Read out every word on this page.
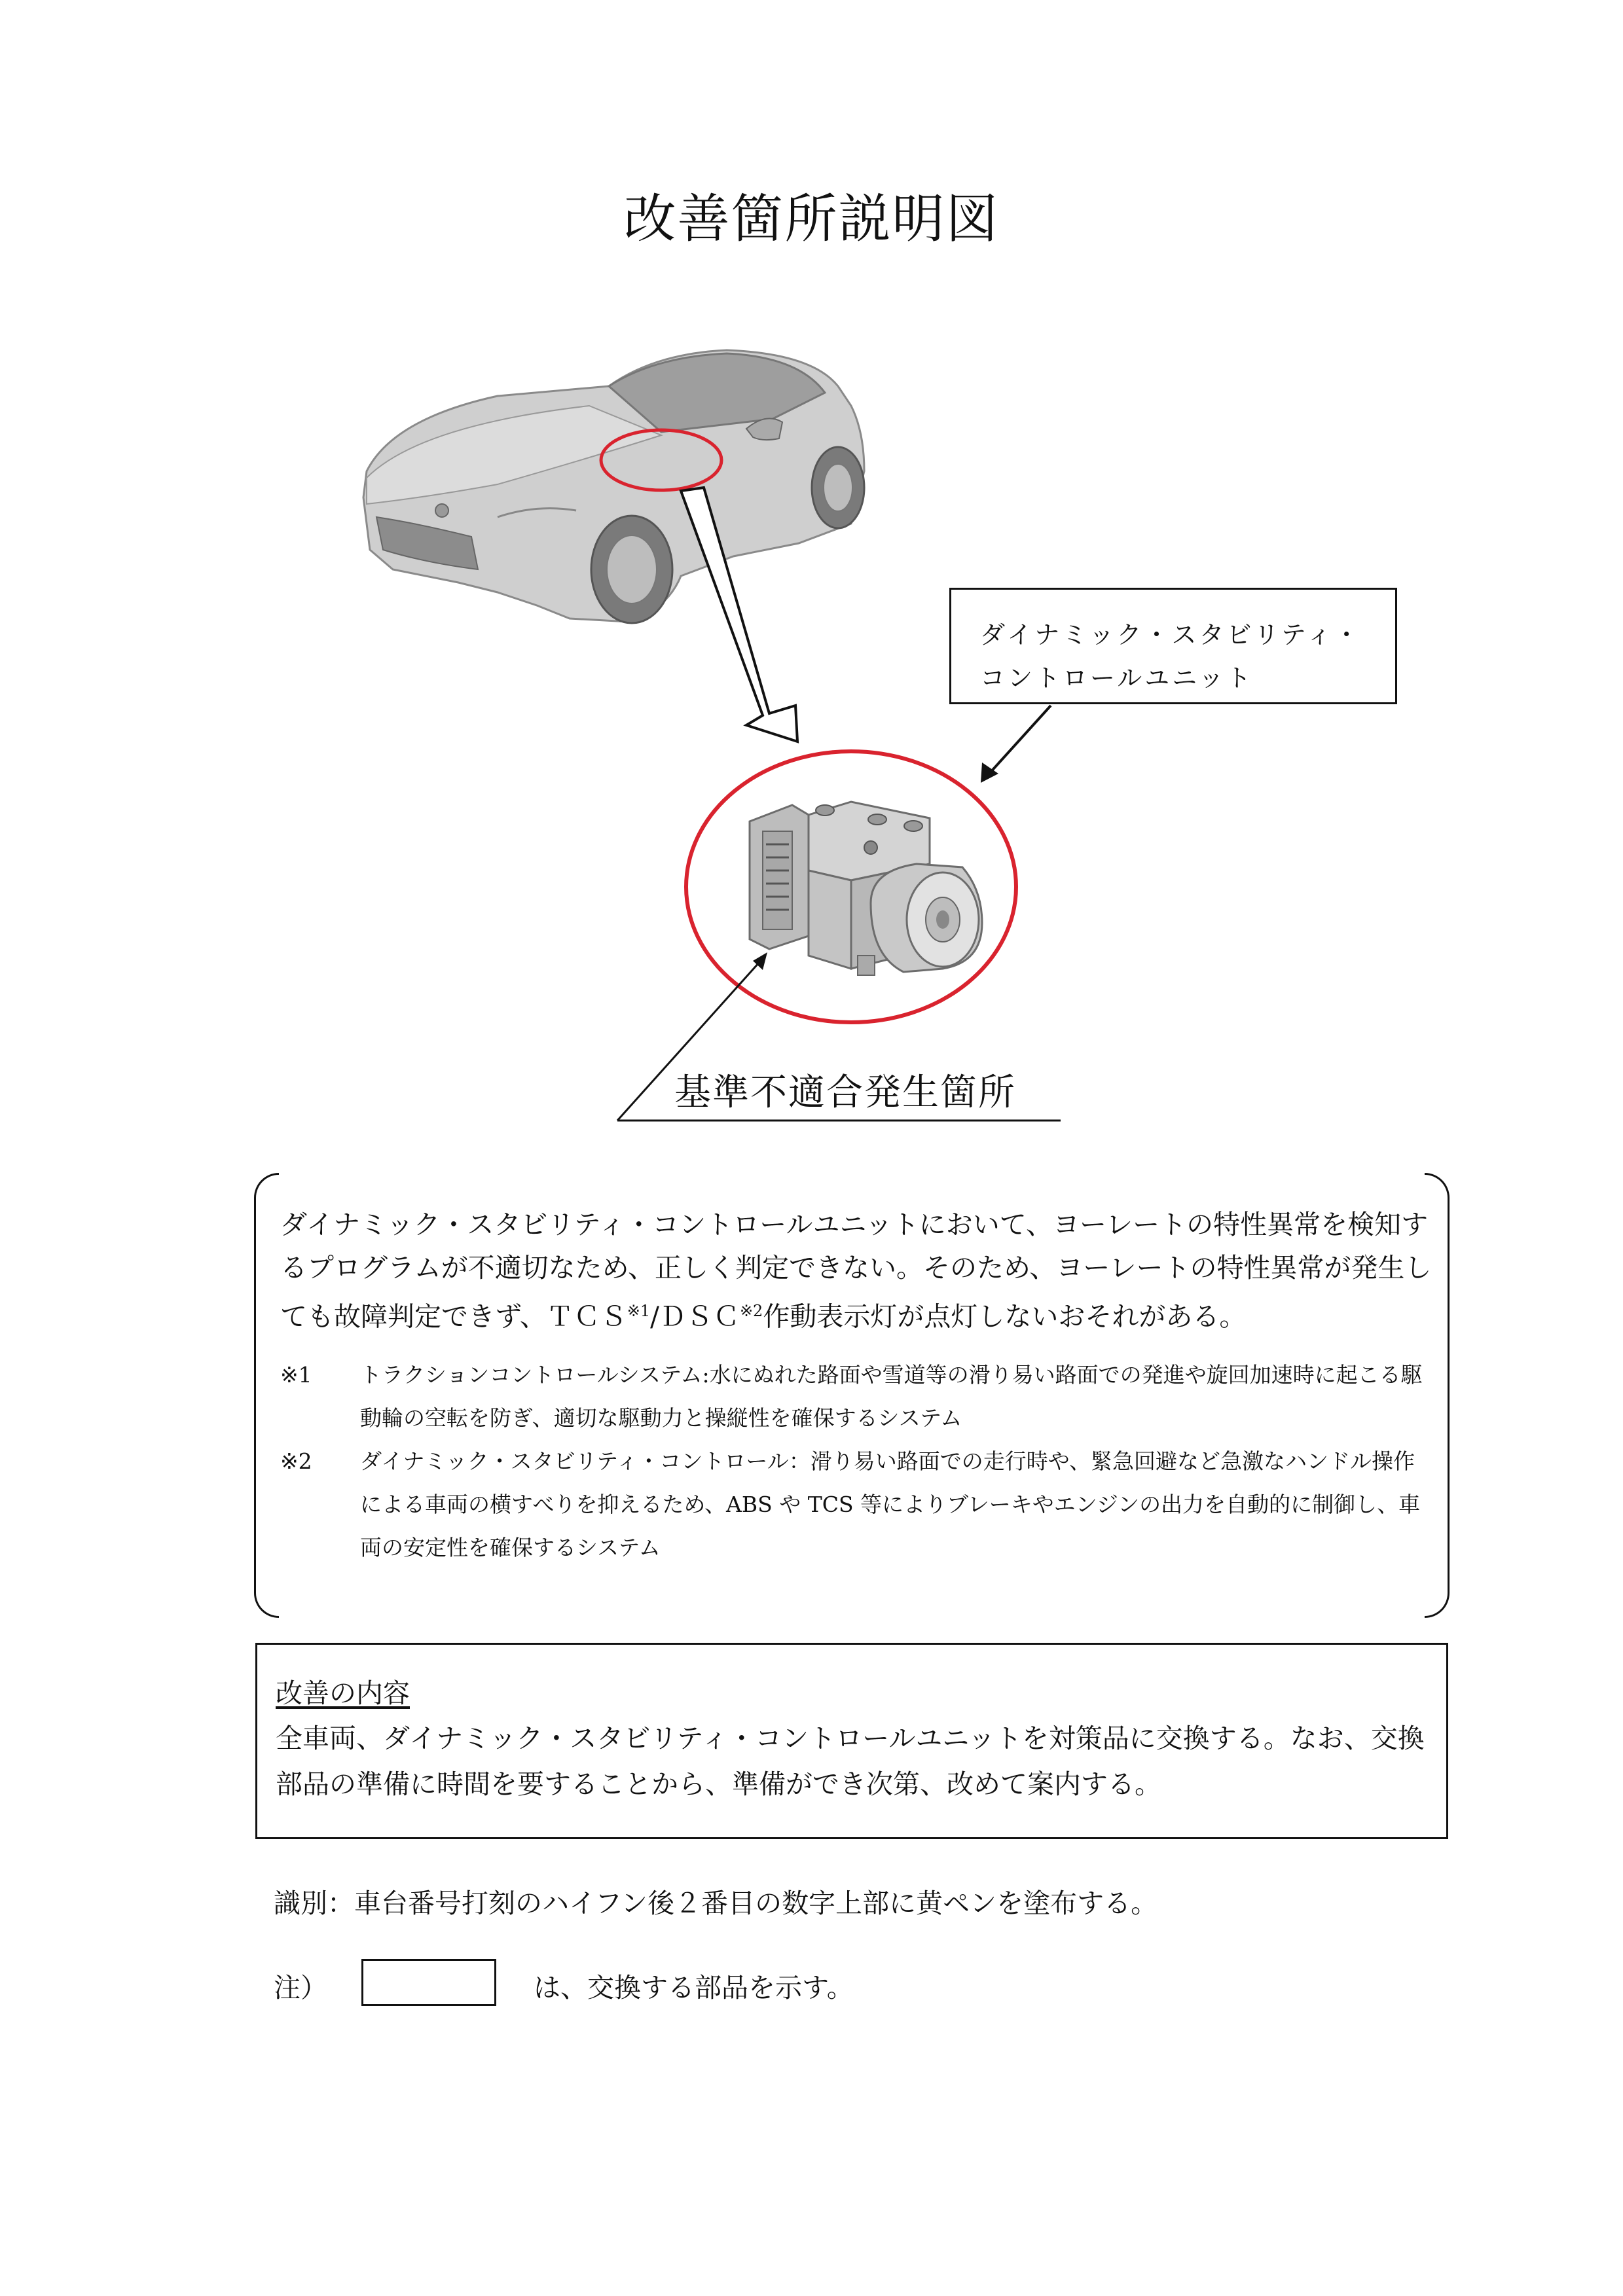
改善箇所説明図
ダイナミック・スタビリティ・
コントロールユニット
基準不適合発生箇所
ダイナミック・スタビリティ・コントロールユニットにおいて、ヨーレートの特性異常を検知するプログラムが不適切なため、正しく判定できない。そのため、ヨーレートの特性異常が発生しても故障判定できず、ＴＣＳ$^{※1}$/ＤＳＣ$^{※2}$作動表示灯が点灯しないおそれがある。
※1	トラクションコントロールシステム:水にぬれた路面や雪道等の滑り易い路面での発進や旋回加速時に起こる駆動輪の空転を防ぎ、適切な駆動力と操縦性を確保するシステム
※2	ダイナミック・スタビリティ・コントロール：滑り易い路面での走行時や、緊急回避など急激なハンドル操作による車両の横すべりを抑えるため、ABS や TCS 等によりブレーキやエンジンの出力を自動的に制御し、車両の安定性を確保するシステム
改善の内容
全車両、ダイナミック・スタビリティ・コントロールユニットを対策品に交換する。なお、交換部品の準備に時間を要することから、準備ができ次第、改めて案内する。
識別：車台番号打刻のハイフン後２番目の数字上部に黄ペンを塗布する。
注）	は、交換する部品を示す。
